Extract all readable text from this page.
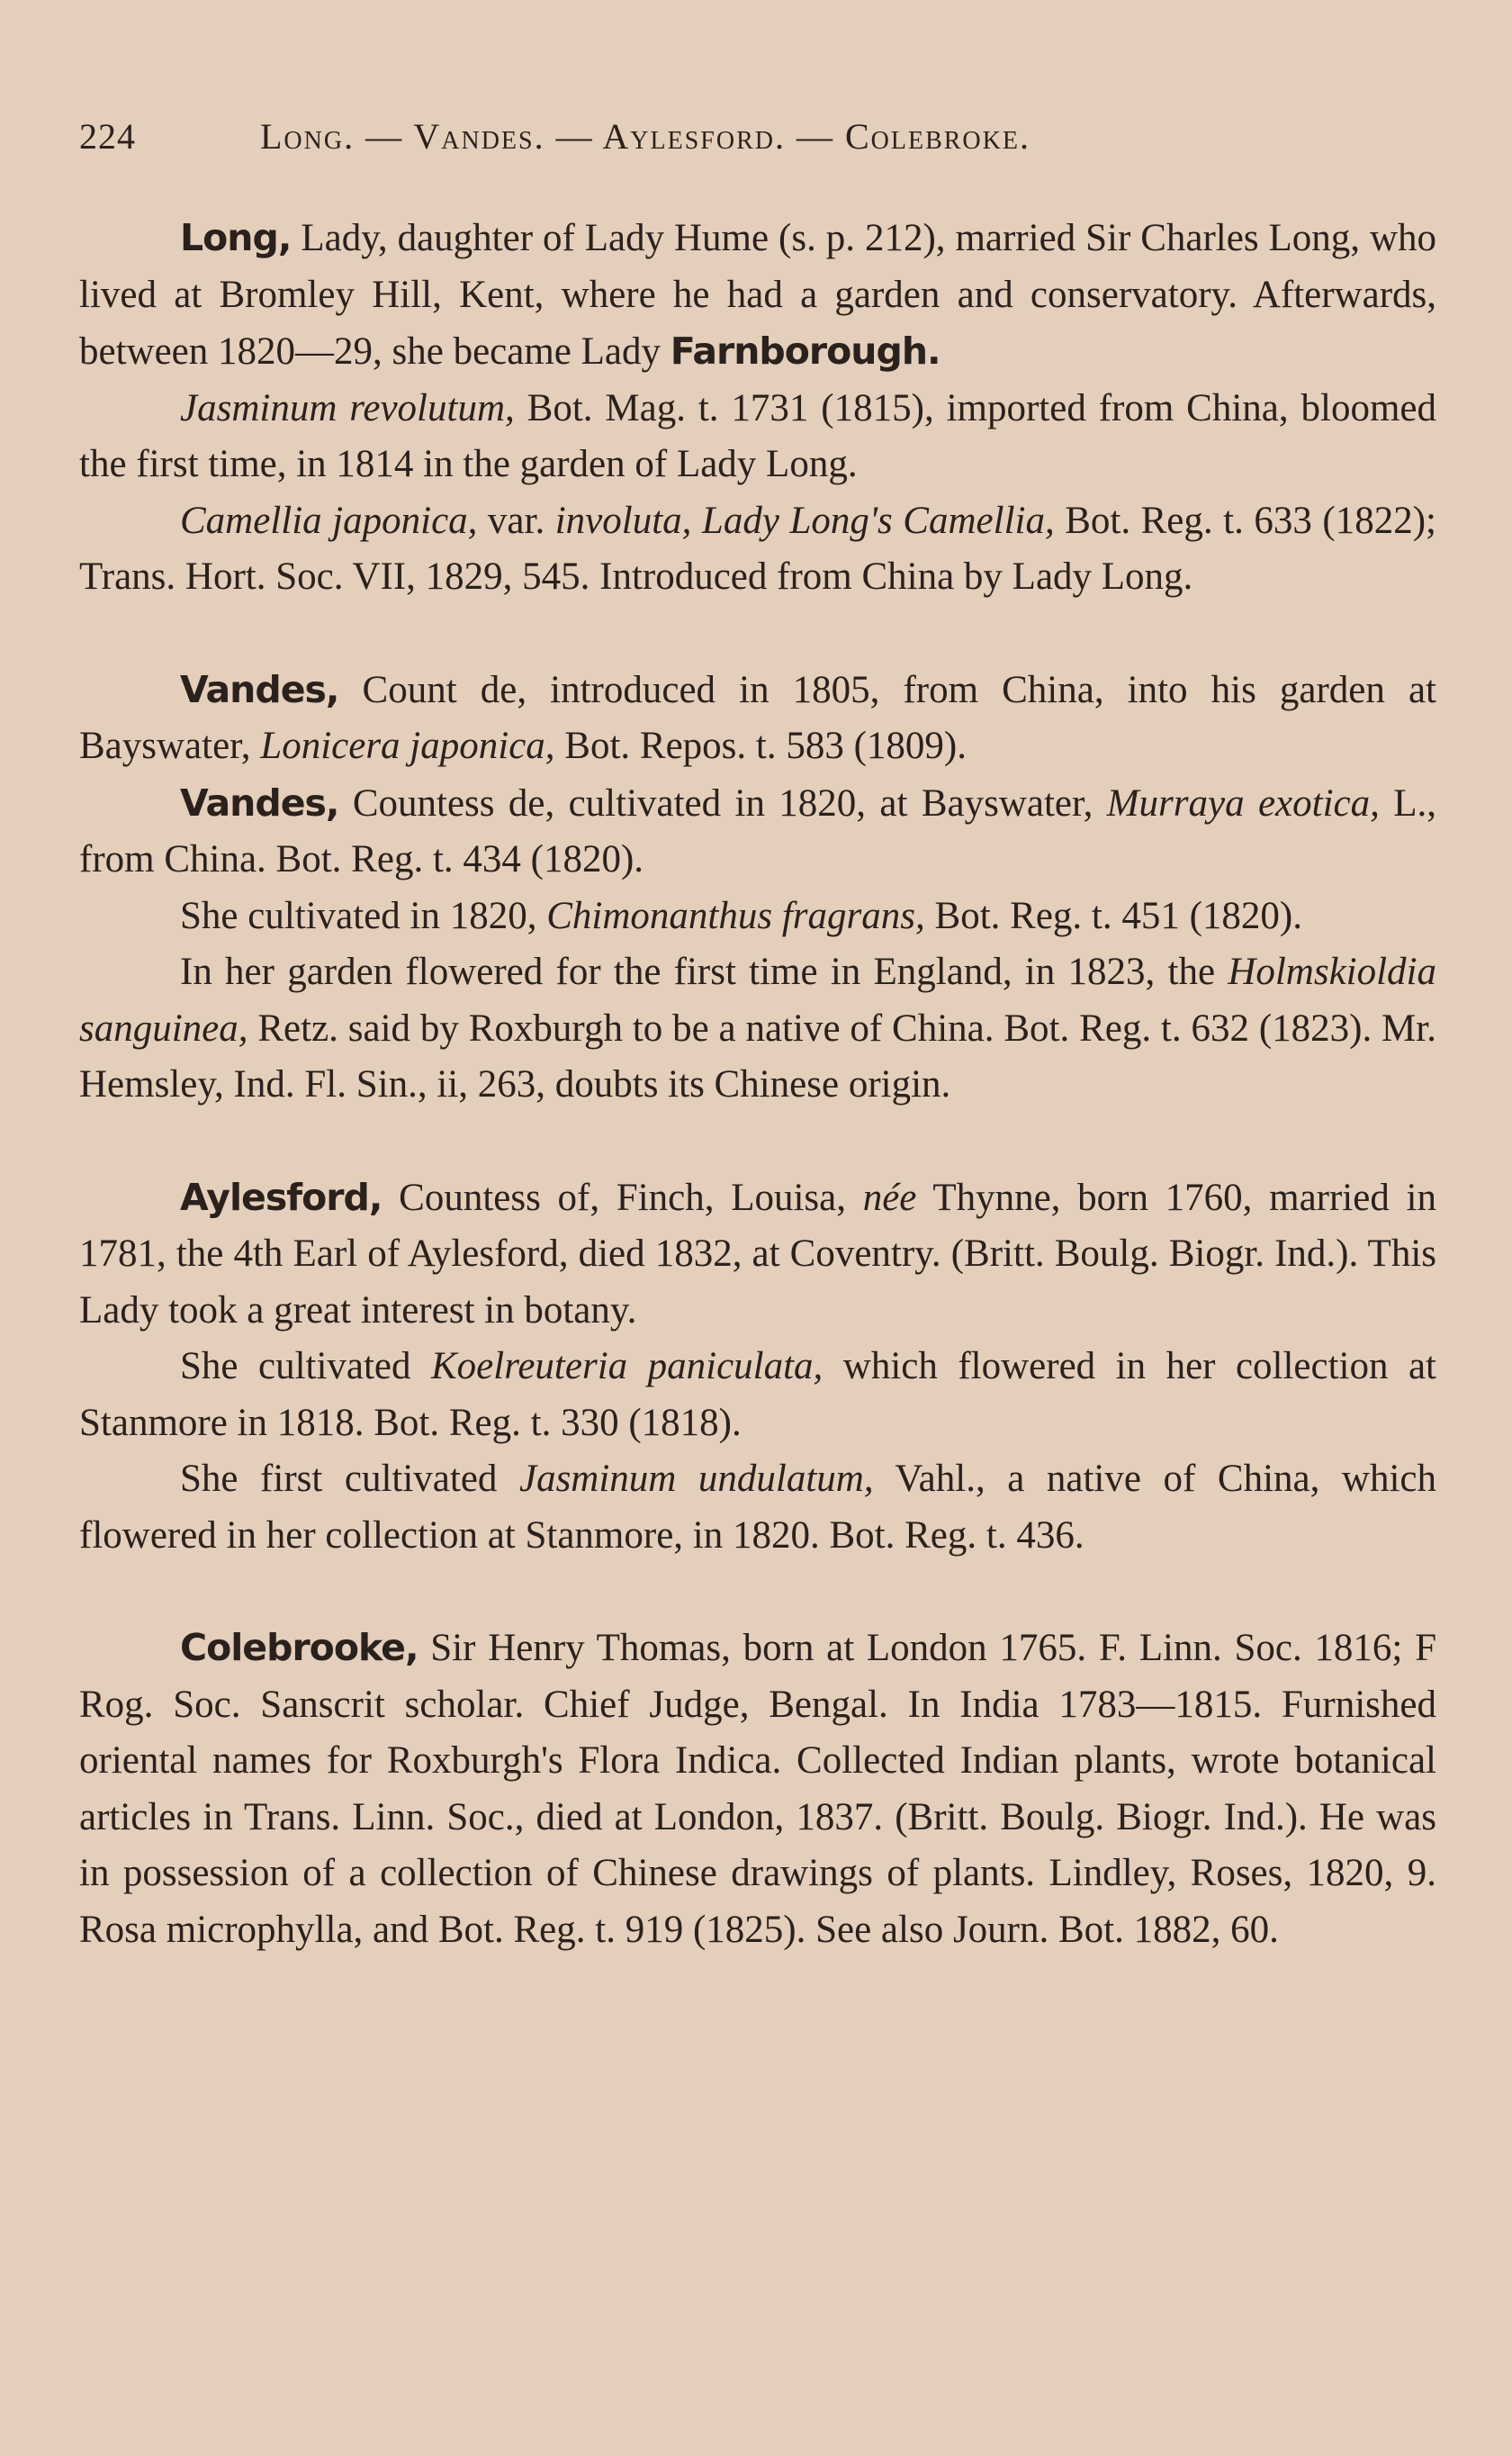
224	Long. — Vandes. — Aylesford. — Colebroke.

Long, Lady, daughter of Lady Hume (s. p. 212), married Sir Charles Long, who lived at Bromley Hill, Kent, where he had a garden and conservatory. Afterwards, between 1820—29, she became Lady Farnborough.

Jasminum revolutum, Bot. Mag. t. 1731 (1815), imported from China, bloomed the first time, in 1814 in the garden of Lady Long.

Camellia japonica, var. involuta, Lady Long's Camellia, Bot. Reg. t. 633 (1822); Trans. Hort. Soc. VII, 1829, 545. Introduced from China by Lady Long.

Vandes, Count de, introduced in 1805, from China, into his garden at Bayswater, Lonicera japonica, Bot. Repos. t. 583 (1809).

Vandes, Countess de, cultivated in 1820, at Bayswater, Murraya exotica, L., from China. Bot. Reg. t. 434 (1820).

She cultivated in 1820, Chimonanthus fragrans, Bot. Reg. t. 451 (1820).

In her garden flowered for the first time in England, in 1823, the Holmskioldia sanguinea, Retz. said by Roxburgh to be a native of China. Bot. Reg. t. 632 (1823). Mr. Hemsley, Ind. Fl. Sin., ii, 263, doubts its Chinese origin.

Aylesford, Countess of, Finch, Louisa, née Thynne, born 1760, married in 1781, the 4th Earl of Aylesford, died 1832, at Coventry. (Britt. Boulg. Biogr. Ind.). This Lady took a great interest in botany.

She cultivated Koelreuteria paniculata, which flowered in her collection at Stanmore in 1818. Bot. Reg. t. 330 (1818).

She first cultivated Jasminum undulatum, Vahl., a native of China, which flowered in her collection at Stanmore, in 1820. Bot. Reg. t. 436.

Colebrooke, Sir Henry Thomas, born at London 1765. F. Linn. Soc. 1816; F Rog. Soc. Sanscrit scholar. Chief Judge, Bengal. In India 1783—1815. Furnished oriental names for Roxburgh's Flora Indica. Collected Indian plants, wrote botanical articles in Trans. Linn. Soc., died at London, 1837. (Britt. Boulg. Biogr. Ind.). He was in possession of a collection of Chinese drawings of plants. Lindley, Roses, 1820, 9. Rosa microphylla, and Bot. Reg. t. 919 (1825). See also Journ. Bot. 1882, 60.
